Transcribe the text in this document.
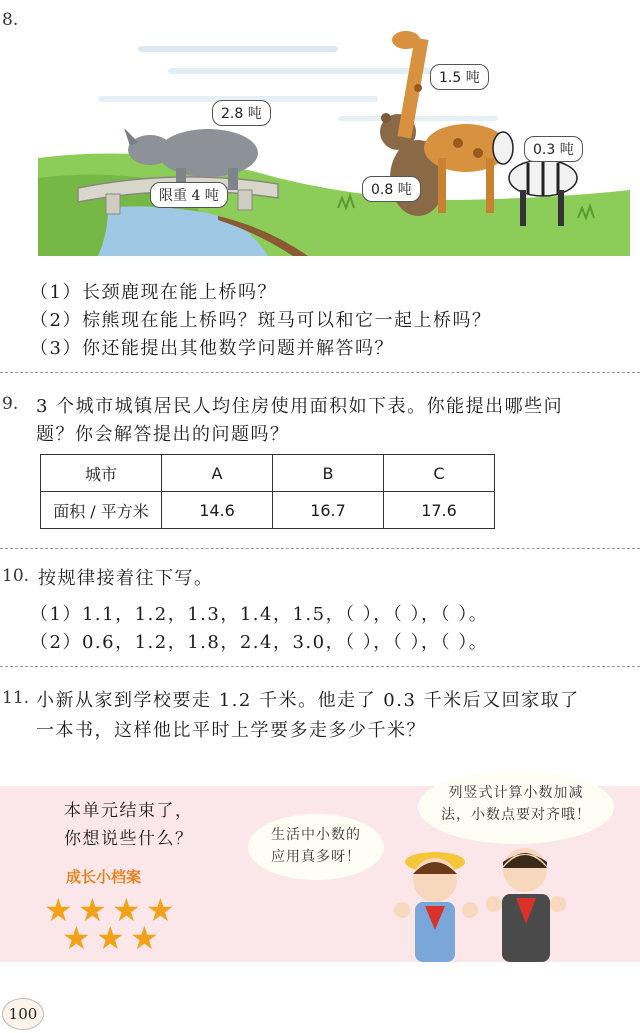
8.
2.8 吨
1.5 吨
0.8 吨
0.3 吨
限重 4 吨
（1）长颈鹿现在能上桥吗？
（2）棕熊现在能上桥吗？斑马可以和它一起上桥吗？
（3）你还能提出其他数学问题并解答吗？
9. 3 个城市城镇居民人均住房使用面积如下表。你能提出哪些问
题？你会解答提出的问题吗？
城市	A	B	C
面积 / 平方米	14.6	16.7	17.6
10. 按规律接着往下写。
（1）1.1，1.2，1.3，1.4，1.5，（ ），（ ），（ ）。
（2）0.6，1.2，1.8，2.4，3.0，（ ），（ ），（ ）。
11. 小新从家到学校要走 1.2 千米。他走了 0.3 千米后又回家取了
一本书，这样他比平时上学要多走多少千米？
本单元结束了，
你想说些什么？
成长小档案
★ ★ ★ ★
★ ★ ★
列竖式计算小数加减
法，小数点要对齐哦！
生活中小数的
应用真多呀！
100
